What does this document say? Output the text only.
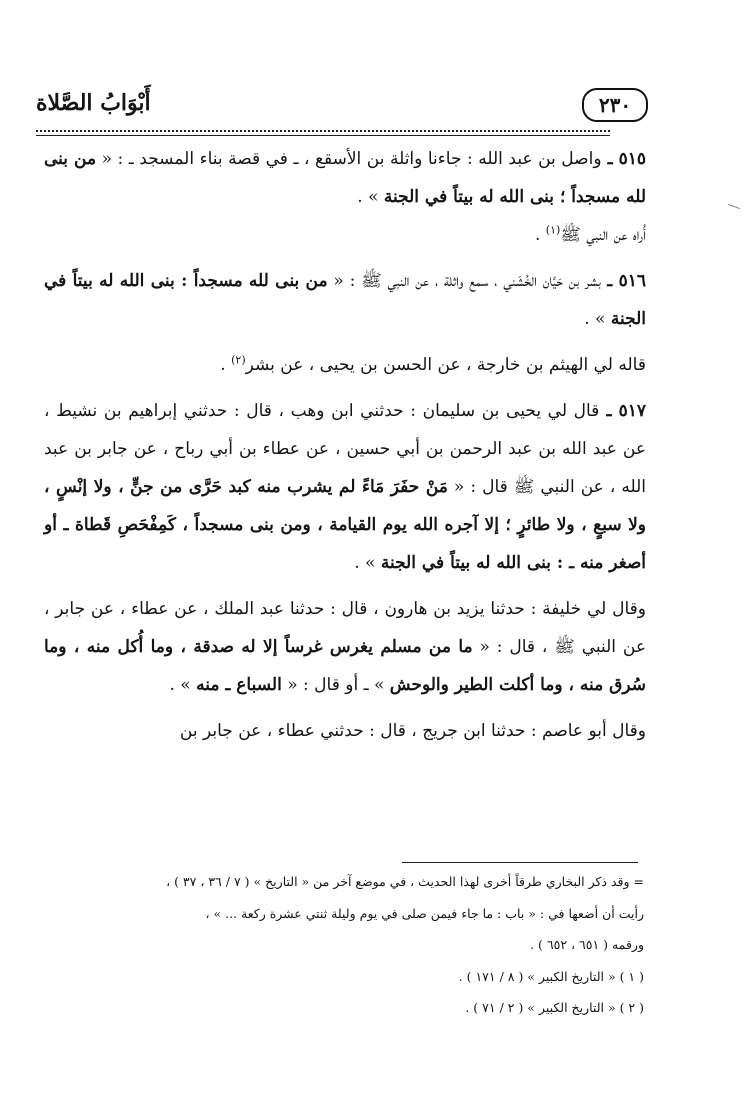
أَبْوَابُ الصَّلاة	٢٣٠

٥١٥ ـ واصل بن عبد الله : جاءنا واثلة بن الأسقع ، ـ في قصة بناء المسجد ـ : « من بنى لله مسجداً ؛ بنى الله له بيتاً في الجنة » .

أُراه عن النبي ﷺ$^{(١)}$ .

٥١٦ ـ بشر بن حَيَّان الخُشَني ، سمع واثلة ، عن النبي ﷺ : « من بنى لله مسجداً : بنى الله له بيتاً في الجنة » .

قاله لي الهيثم بن خارجة ، عن الحسن بن يحيى ، عن بشر$^{(٢)}$ .

٥١٧ ـ قال لي يحيى بن سليمان : حدثني ابن وهب ، قال : حدثني إبراهيم بن نشيط ، عن عبد الله بن عبد الرحمن بن أبي حسين ، عن عطاء بن أبي رباح ، عن جابر بن عبد الله ، عن النبي ﷺ قال : « مَنْ حفَرَ مَاءً لم يشرب منه كبد حَرَّى من جنٍّ ، ولا إنْسٍ ، ولا سبعٍ ، ولا طائرٍ ؛ إلا آجره الله يوم القيامة ، ومن بنى مسجداً ، كَمِفْحَصِ قَطاة ـ أو أصغر منه ـ : بنى الله له بيتاً في الجنة » .

وقال لي خليفة : حدثنا يزيد بن هارون ، قال : حدثنا عبد الملك ، عن عطاء ، عن جابر ، عن النبي ﷺ ، قال : « ما من مسلم يغرس غرساً إلا له صدقة ، وما أُكل منه ، وما سُرق منه ، وما أكلت الطير والوحش » ـ أو قال : « السباع ـ منه » .

وقال أبو عاصم : حدثنا ابن جريج ، قال : حدثني عطاء ، عن جابر بن

= وقد ذكر البخاري طرقاً أخرى لهذا الحديث ، في موضع آخر من « التاريخ » ( ٧ / ٣٦ ، ٣٧ ) ،

رأيت أن أضعها في : « باب : ما جاء فيمن صلى في يوم وليلة ثنتي عشرة ركعة ... » ،

ورقمه ( ٦٥١ ، ٦٥٢ ) .

( ١ ) « التاريخ الكبير » ( ٨ / ١٧١ ) .

( ٢ ) « التاريخ الكبير » ( ٢ / ٧١ ) .
